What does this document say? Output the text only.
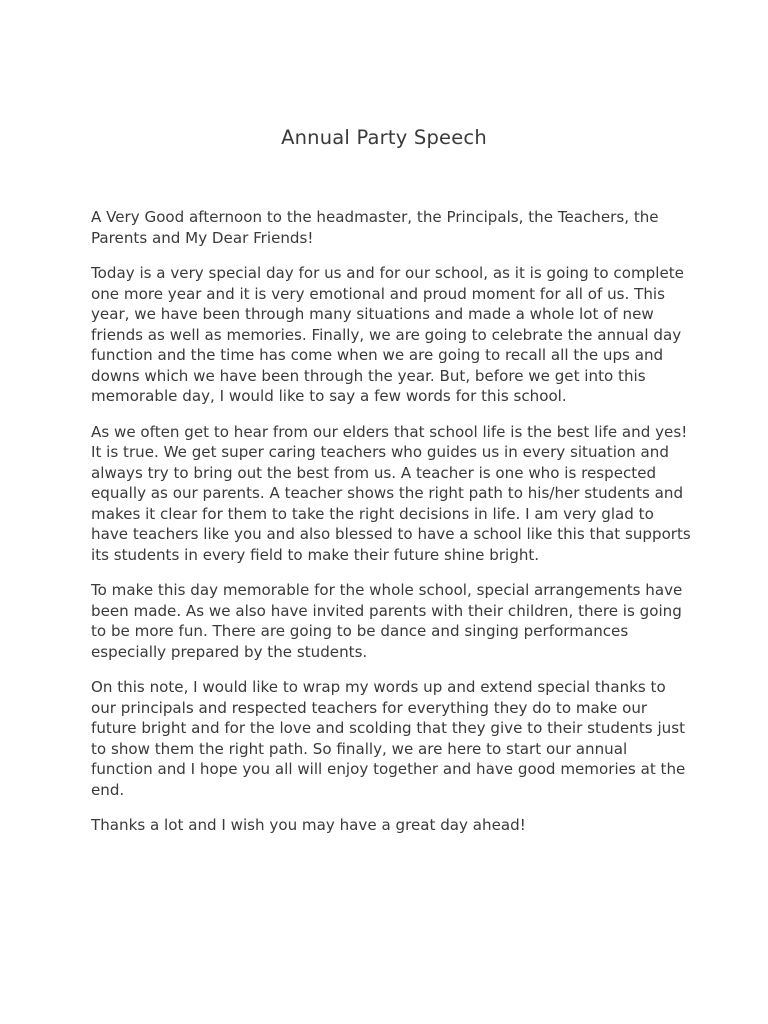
Annual Party Speech

A Very Good afternoon to the headmaster, the Principals, the Teachers, the Parents and My Dear Friends!

Today is a very special day for us and for our school, as it is going to complete one more year and it is very emotional and proud moment for all of us. This year, we have been through many situations and made a whole lot of new friends as well as memories. Finally, we are going to celebrate the annual day function and the time has come when we are going to recall all the ups and downs which we have been through the year. But, before we get into this memorable day, I would like to say a few words for this school.

As we often get to hear from our elders that school life is the best life and yes! It is true. We get super caring teachers who guides us in every situation and always try to bring out the best from us. A teacher is one who is respected equally as our parents. A teacher shows the right path to his/her students and makes it clear for them to take the right decisions in life. I am very glad to have teachers like you and also blessed to have a school like this that supports its students in every field to make their future shine bright.

To make this day memorable for the whole school, special arrangements have been made. As we also have invited parents with their children, there is going to be more fun. There are going to be dance and singing performances especially prepared by the students.

On this note, I would like to wrap my words up and extend special thanks to our principals and respected teachers for everything they do to make our future bright and for the love and scolding that they give to their students just to show them the right path. So finally, we are here to start our annual function and I hope you all will enjoy together and have good memories at the end.

Thanks a lot and I wish you may have a great day ahead!
